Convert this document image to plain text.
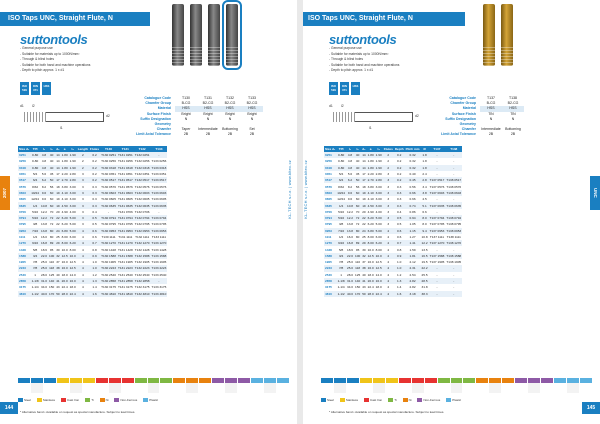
ISO Taps UNC, Straight Flute, N
suttontools
- General purpose use
- Suitable for materials up to 1000N/mm²
- Through & blind holes
- Suitable for both hand and machine operations
- Depth to pitch approx. 1 x d1
ISO 529
DIN 371
HSS
d1
l1
l2
d2
Catalogue Code	T130	T131	T132	T133
Chamfer Group	B-CG	B2-CG	B2-CG	B2-CG
Material	HSS	HSS	HSS	HSS
Surface Finish	Bright	Bright	Bright	Bright
Suffix Designation	N	N	N	N
Geometry
Chamfer	Taper	Intermediate	Bottoming	Set
Limit Axial Tolerance	2B	2B	2B	2B
Size d₁	TPI	l₁	l₂	d₂	a	l₃	Length	Flutes	T130	T131	T132	T133
0251	0-80	4.8	40	14	1.80	1.90	2	0.2	T130 0251	T131 0251	T132 0251	-
0256	0-80	4.8	40	14	1.80	1.90	2	0.2	T130 0256	T131 0256	T132 0256	T133 0256
0318	0-80	4.8	40	14	1.80	1.90	2	0.2	T130 0318	T131 0318	T132 0318	T133 0318
0351	5/4	5.6	45	17	2.20	2.80	3	0.2	T130 0351	T131 0351	T132 0351	T133 0351
0517	6/4	6.2	50	17	2.70	2.80	3	0.2	T130 0517	T131 0517	T132 0517	T133 0517
0576	8/32	8.2	56	18	3.80	3.00	3	0.3	T130 0576	T131 0576	T132 0576	T133 0576
0603	10/24	9.6	60	19	4.10	3.00	3	0.3	T130 0603	T131 0603	T132 0603	T133 0603
0605	12/24	9.6	60	19	4.10	3.00	3	0.3	T130 0605	T131 0605	T132 0605	T133 0605
0635	1/4	10.8	60	19	4.50	3.00	3	0.3	T130 0635	T131 0635	T132 0635	T133 0635
0706	5/16	12.2	70	20	4.90	4.00	3	0.4	-	T131 0706	T132 0706	-
0794	5/16	12.2	72	22	6.20	5.00	3	0.5	T130 0794	T131 0794	T132 0794	T133 0794
0795	3/8	13.8	72	22	6.20	5.00	3	0.5	T130 0795	T131 0795	T132 0795	T133 0795
0953	7/16	13.8	80	24	6.80	5.00	4	0.6	T130 0953	T131 0953	T132 0953	T133 0953
1111	1/2	16.0	80	25	8.00	6.00	4	0.6	T130 1111	T131 1111	T132 1111	T133 1111
1270	9/16	16.8	89	29	8.00	6.20	4	0.7	T130 1270	T131 1270	T132 1270	T133 1270
1428	5/8	18.6	95	30	10.0	8.00	4	0.8	T130 1428	T131 1428	T132 1428	T133 1428
1588	3/4	22.0	100	32	12.5	10.0	4	0.9	T130 1588	T131 1588	T132 1588	T133 1588
1905	7/8	25.0	110	37	16.0	12.5	4	1.0	T130 1905	T131 1905	T132 1905	T133 1905
2223	7/8	25.0	118	38	16.0	12.5	4	1.0	T130 2223	T131 2223	T132 2223	T133 2223
2540	1	28.0	125	40	18.0	14.0	4	1.2	T130 2540	T131 2540	T132 2540	T133 2540
2858	1-1/8	31.0	140	41	20.0	16.0	4	1.3	T130 2858	T131 2858	T132 2858	-
3175	1-1/4	34.0	150	43	22.4	18.0	4	1.4	T130 3175	T131 3175	T132 3175	T133 3175
4810	1-1/2	40.0	170	50	28.0	22.4	4	1.6	T130 4810	T131 4810	T132 4810	T133 4810
2007	KL-TECH s.r.o. | www.kltec.cz
Steel	Stainless	Cast Iron	Ti	Ni	Non-Ferrous	Plastic
* Alternative band • Available on request as special manufacture. Subject to lead times.
144
ISO Taps UNC, Straight Flute, N
suttontools
- General purpose use
- Suitable for materials up to 1000N/mm²
- Through & blind holes
- Suitable for both hand and machine operations
- Depth to pitch approx. 1 x d1
ISO 529
DIN 371
HSS
d1
l1
l2
d2
Catalogue Code	T137	T138
Chamfer Group	B-CG	B2-CG
Material	HSS	HSS
Surface Finish	TiN	TiN
Suffix Designation	N	N
Geometry
Chamfer	Intermediate	Bottoming
Limit Axial Tolerance	2B	2B
Size d₁	TPI	l₁	l₂	d₂	a	l₃	Flutes	Depth	Pitch mm	Ø	T137	T138
0251	0-80	4.8	40	14	1.80	1.90	2	0.2	0.32	1.8	-	-
0256	0-80	4.8	40	14	1.80	1.90	2	0.2	0.32	1.8	-	-
0318	0-80	4.8	40	14	1.80	1.90	2	0.2	0.32	1.8	-	-
0351	5/4	5.6	45	17	2.20	2.80	3	0.2	0.40	2.4	-	-
0517	6/4	6.2	50	17	2.70	2.80	3	0.2	0.45	2.8	T137 0517	T138 0517
0576	8/32	8.2	56	18	3.80	3.00	3	0.3	0.56	3.4	T137 0576	T138 0576
0603	10/24	9.6	60	19	4.10	3.00	3	0.3	0.66	3.8	T137 0603	T138 0603
0605	12/24	9.6	60	19	4.10	3.00	3	0.3	0.66	4.5	-	-
0635	1/4	10.8	60	19	4.50	3.00	3	0.3	0.74	5.1	T137 0635	T138 0635
0706	5/16	12.2	70	20	4.90	4.00	3	0.4	0.86	6.6	-	-
0794	5/16	12.2	72	22	6.20	5.00	3	0.5	0.94	8.0	T137 0794	T138 0794
0795	3/8	13.8	72	22	6.20	5.00	3	0.5	1.05	8.0	T137 0795	T138 0795
0953	7/16	13.8	80	24	6.80	5.00	4	0.6	1.15	9.4	T137 0953	T138 0953
1111	1/2	16.0	80	25	8.00	6.00	4	0.6	1.27	10.8	T137 1111	T138 1111
1270	9/16	16.8	89	29	8.00	6.20	4	0.7	1.41	12.2	T137 1270	T138 1270
1428	5/8	18.6	95	30	10.0	8.00	4	0.8	1.59	13.5	-	-
1588	3/4	22.0	100	32	12.5	10.0	4	0.9	1.81	16.5	T137 1588	T138 1588
1905	7/8	25.0	110	37	16.0	12.5	4	1.0	2.12	19.5	T137 1905	T138 1905
2223	7/8	25.0	118	38	16.0	12.5	4	1.0	2.31	22.2	-	-
2540	1	28.0	125	40	18.0	14.0	4	1.2	2.54	25.5	-	-
2858	1-1/8	31.0	140	41	20.0	16.0	4	1.3	2.82	28.5	-	-
3175	1-1/4	34.0	150	43	22.4	18.0	4	1.4	2.82	31.8	-	-
4810	1-1/2	40.0	170	50	28.0	22.4	4	1.6	3.18	38.3	-	-
UNC
KL-TECH s.r.o. | www.kltec.cz
Steel	Stainless	Cast Iron	Ti	Ni	Non-Ferrous	Plastic
* Alternative band • Available on request as special manufacture. Subject to lead times.
145
